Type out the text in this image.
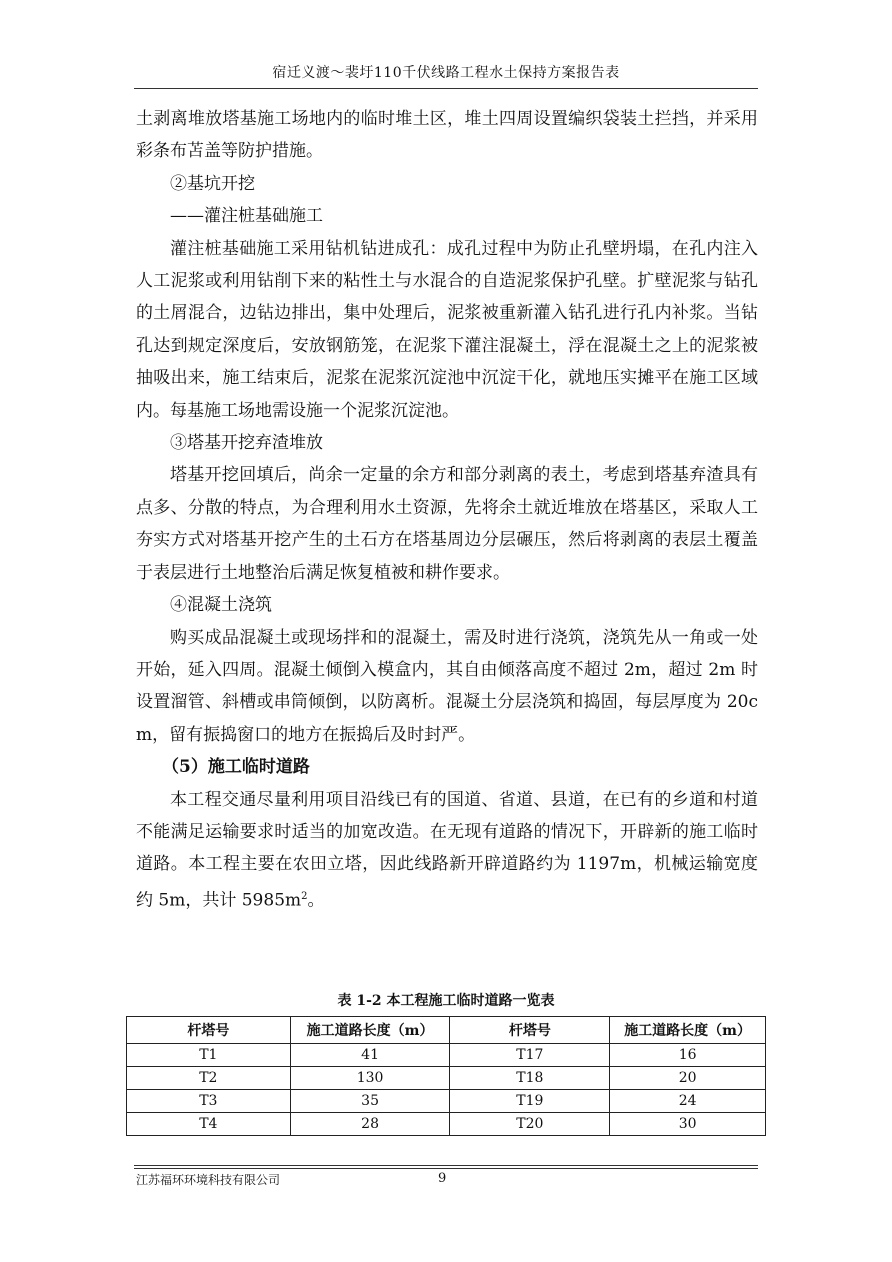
宿迁义渡～裴圩110千伏线路工程水土保持方案报告表

土剥离堆放塔基施工场地内的临时堆土区，堆土四周设置编织袋装土拦挡，并采用彩条布苫盖等防护措施。

②基坑开挖

——灌注桩基础施工

灌注桩基础施工采用钻机钻进成孔：成孔过程中为防止孔壁坍塌，在孔内注入人工泥浆或利用钻削下来的粘性土与水混合的自造泥浆保护孔壁。扩壁泥浆与钻孔的土屑混合，边钻边排出，集中处理后，泥浆被重新灌入钻孔进行孔内补浆。当钻孔达到规定深度后，安放钢筋笼，在泥浆下灌注混凝土，浮在混凝土之上的泥浆被抽吸出来，施工结束后，泥浆在泥浆沉淀池中沉淀干化，就地压实摊平在施工区域内。每基施工场地需设施一个泥浆沉淀池。

③塔基开挖弃渣堆放

塔基开挖回填后，尚余一定量的余方和部分剥离的表土，考虑到塔基弃渣具有点多、分散的特点，为合理利用水土资源，先将余土就近堆放在塔基区，采取人工夯实方式对塔基开挖产生的土石方在塔基周边分层碾压，然后将剥离的表层土覆盖于表层进行土地整治后满足恢复植被和耕作要求。

④混凝土浇筑

购买成品混凝土或现场拌和的混凝土，需及时进行浇筑，浇筑先从一角或一处开始，延入四周。混凝土倾倒入模盒内，其自由倾落高度不超过 2m，超过 2m 时设置溜管、斜槽或串筒倾倒，以防离析。混凝土分层浇筑和捣固，每层厚度为 20cm，留有振捣窗口的地方在振捣后及时封严。

（5）施工临时道路

本工程交通尽量利用项目沿线已有的国道、省道、县道，在已有的乡道和村道不能满足运输要求时适当的加宽改造。在无现有道路的情况下，开辟新的施工临时道路。本工程主要在农田立塔，因此线路新开辟道路约为 1197m，机械运输宽度约 5m，共计 $5985m^2$。

表 1-2 本工程施工临时道路一览表
杆塔号	施工道路长度（m）	杆塔号	施工道路长度（m）
T1	41	T17	16
T2	130	T18	20
T3	35	T19	24
T4	28	T20	30
江苏福环环境科技有限公司	9
